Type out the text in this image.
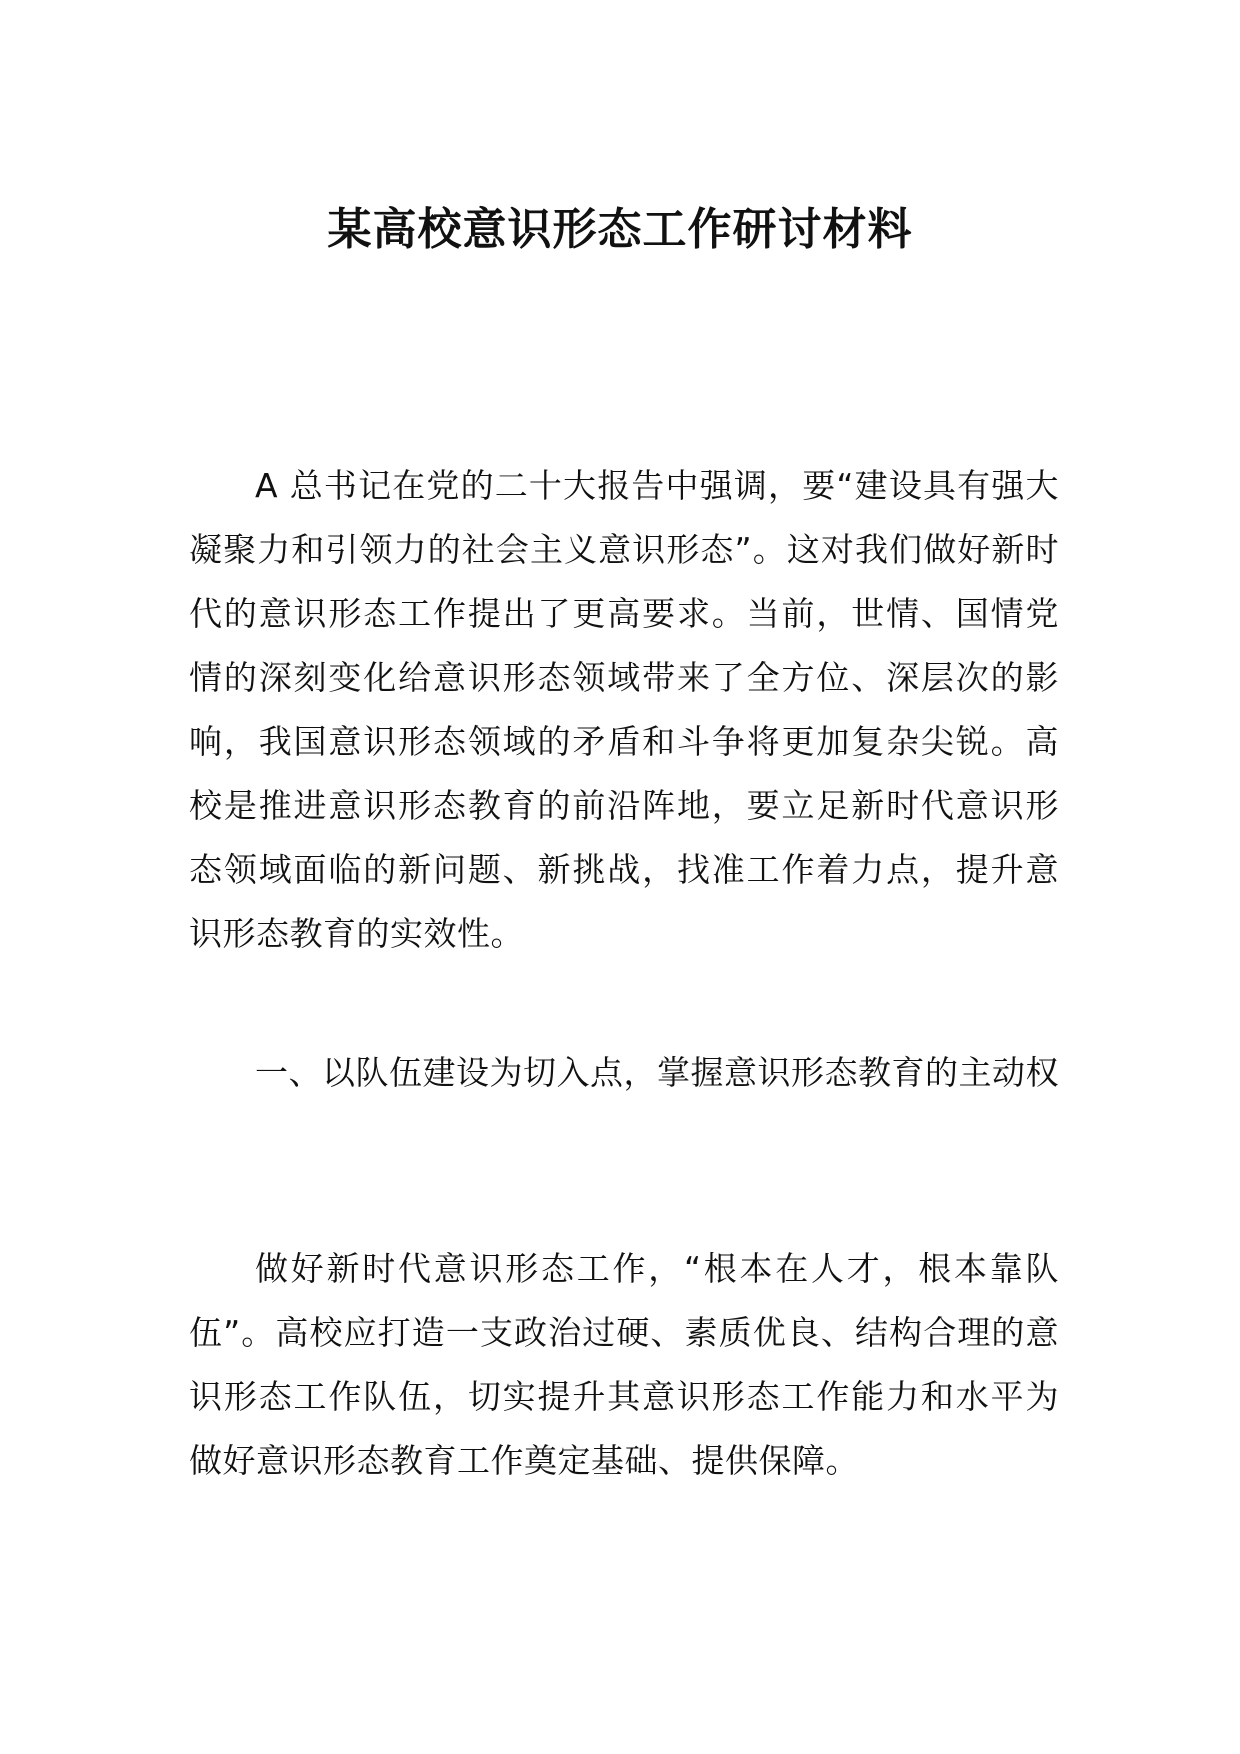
某高校意识形态工作研讨材料

A 总书记在党的二十大报告中强调，要“建设具有强大凝聚力和引领力的社会主义意识形态”。这对我们做好新时代的意识形态工作提出了更高要求。当前，世情、国情党情的深刻变化给意识形态领域带来了全方位、深层次的影响，我国意识形态领域的矛盾和斗争将更加复杂尖锐。高校是推进意识形态教育的前沿阵地，要立足新时代意识形态领域面临的新问题、新挑战，找准工作着力点，提升意识形态教育的实效性。

一、以队伍建设为切入点，掌握意识形态教育的主动权

做好新时代意识形态工作，“根本在人才，根本靠队伍”。高校应打造一支政治过硬、素质优良、结构合理的意识形态工作队伍，切实提升其意识形态工作能力和水平为做好意识形态教育工作奠定基础、提供保障。
